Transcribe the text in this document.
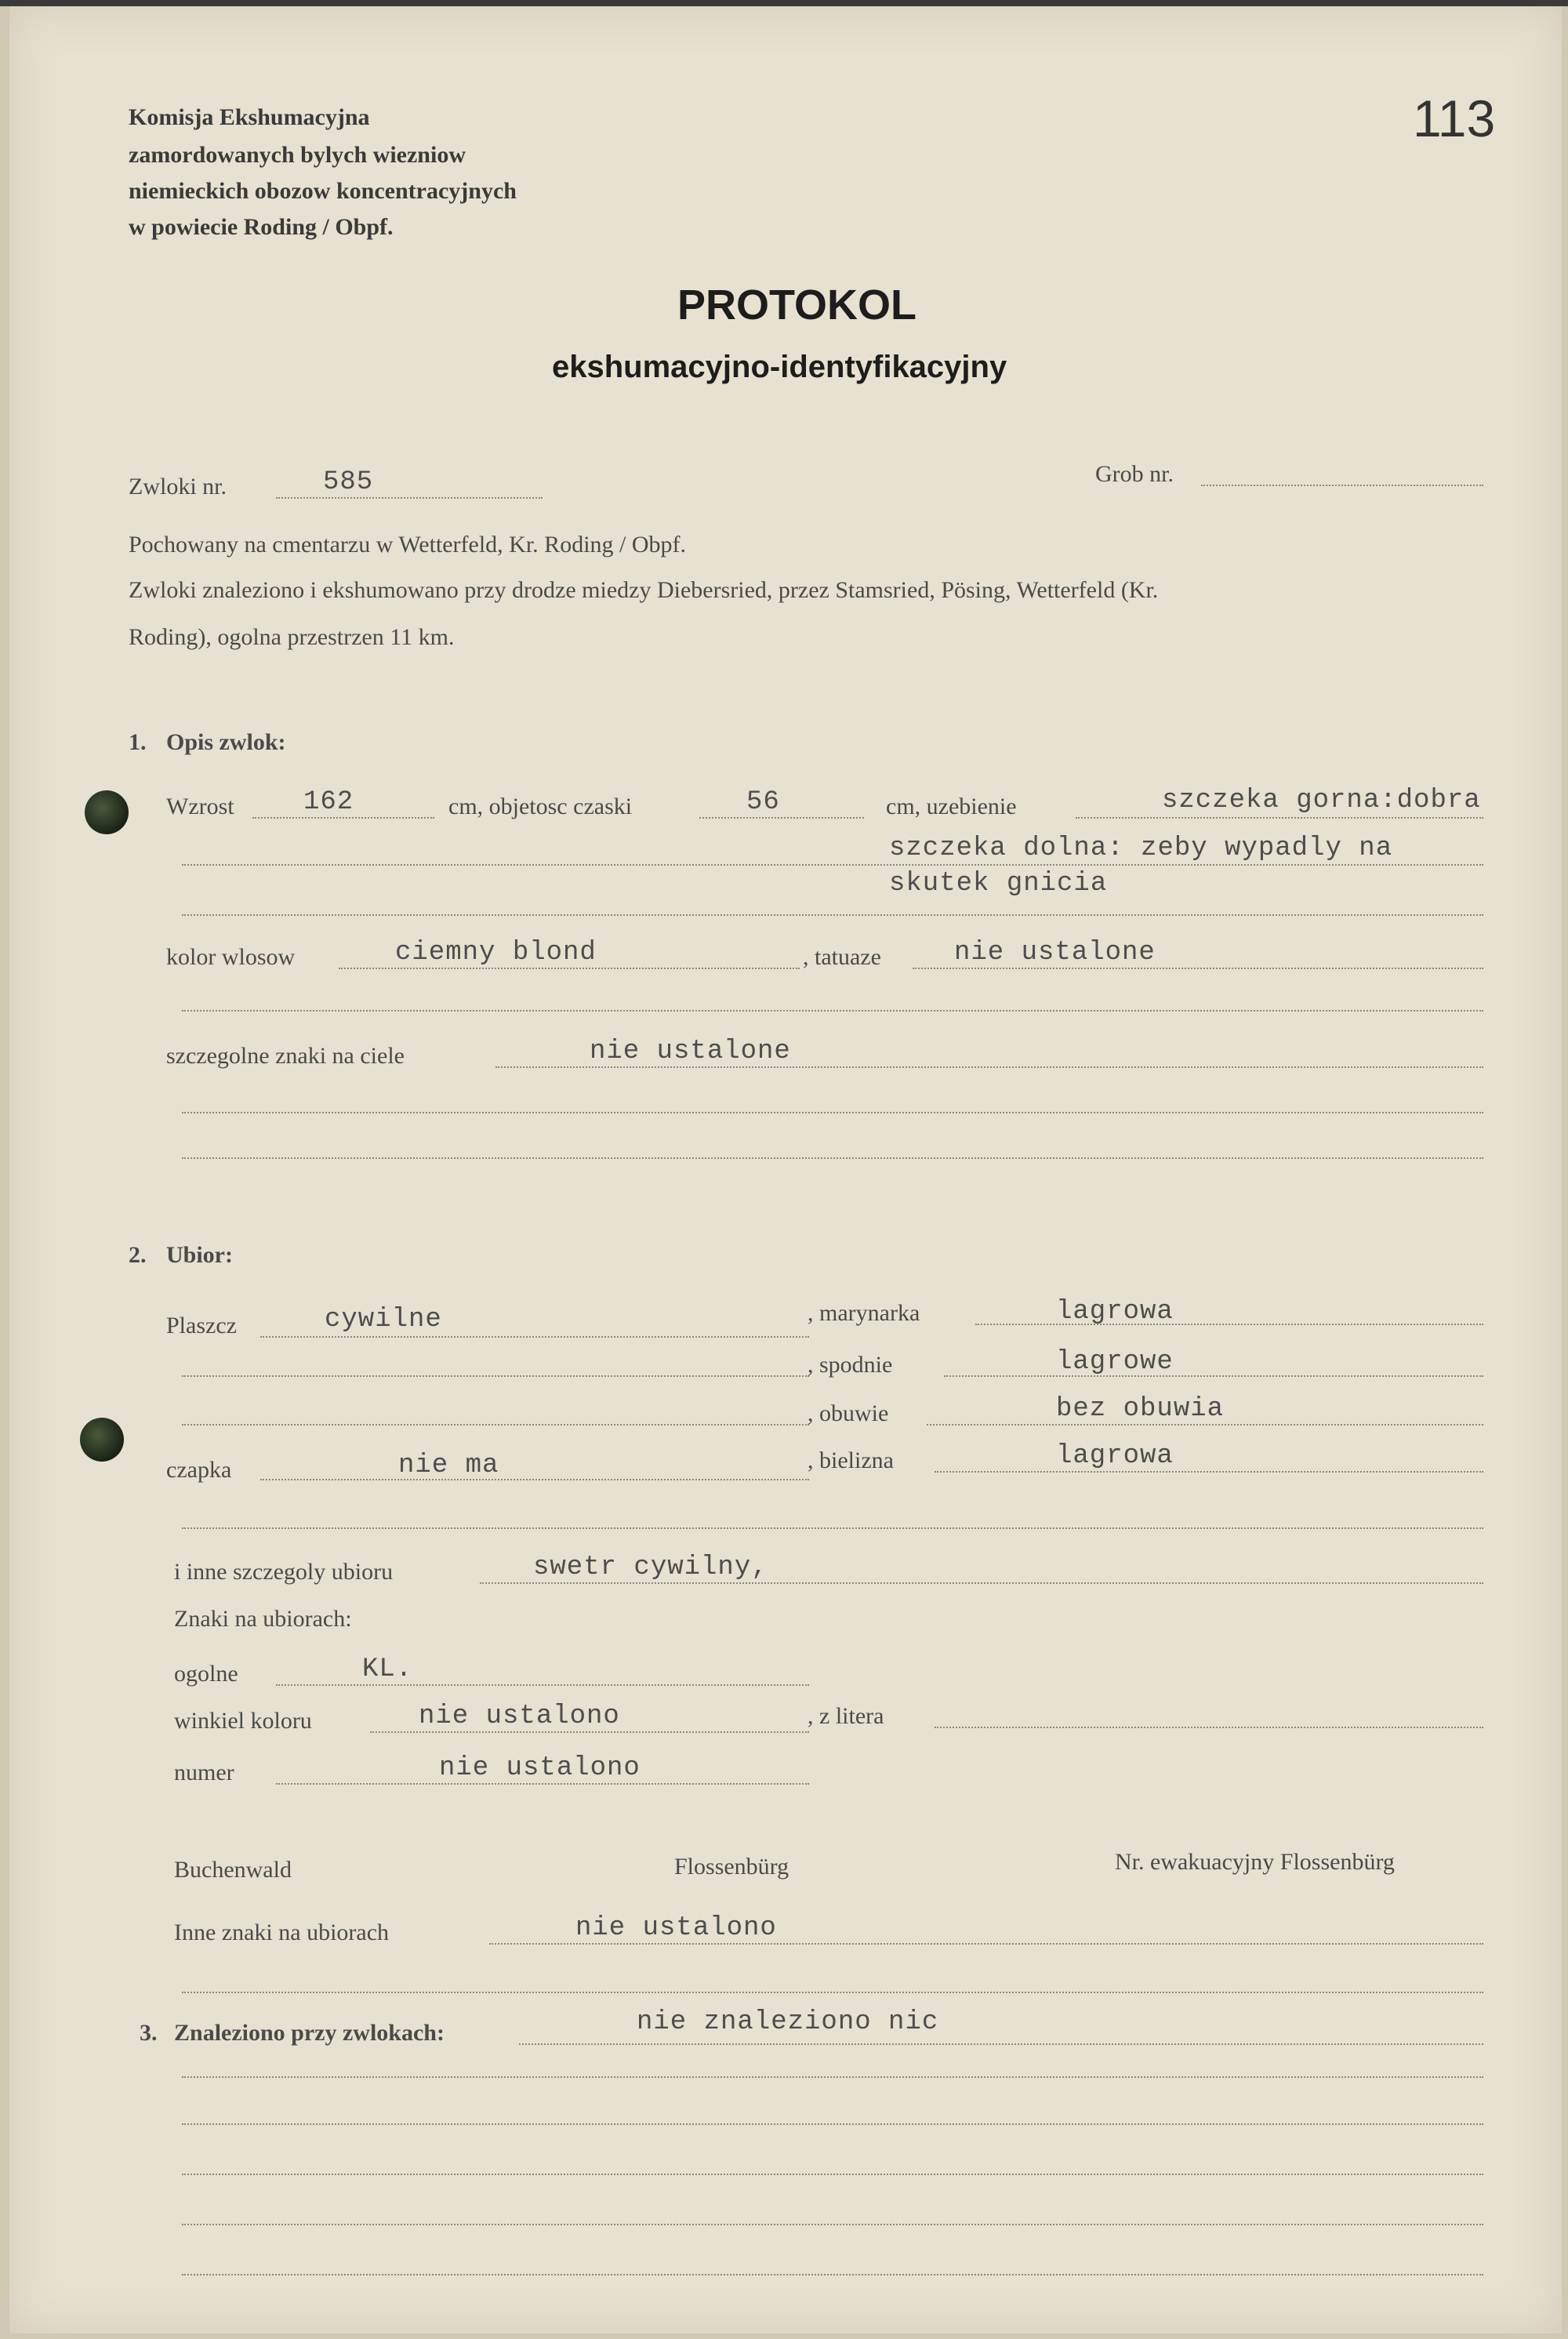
113
Komisja Ekshumacyjna
zamordowanych bylych wiezniow
niemieckich obozow koncentracyjnych
w powiecie Roding / Obpf.
PROTOKOL
ekshumacyjno-identyfikacyjny
Zwloki nr.	585	Grob nr.
Pochowany na cmentarzu w Wetterfeld, Kr. Roding / Obpf.
Zwloki znaleziono i ekshumowano przy drodze miedzy Diebersried, przez Stamsried, Pösing, Wetterfeld (Kr.
Roding), ogolna przestrzen 11 km.
1. Opis zwlok:
Wzrost	162	cm, objetosc czaski	56	cm, uzebienie	szczeka gorna:dobra
szczeka dolna: zeby wypadly na
skutek gnicia
kolor wlosow	ciemny blond	, tatuaze	nie ustalone
szczegolne znaki na ciele	nie ustalone
2. Ubior:
Plaszcz	cywilne	, marynarka	lagrowa
, spodnie	lagrowe
, obuwie	bez obuwia
czapka	nie ma	, bielizna	lagrowa
i inne szczegoly ubioru	swetr cywilny,
Znaki na ubiorach:
ogolne	KL.
winkiel koloru	nie ustalono	, z litera
numer	nie ustalono
Buchenwald	Flossenbürg	Nr. ewakuacyjny Flossenbürg
Inne znaki na ubiorach	nie ustalono
3. Znaleziono przy zwlokach:	nie znaleziono nic
